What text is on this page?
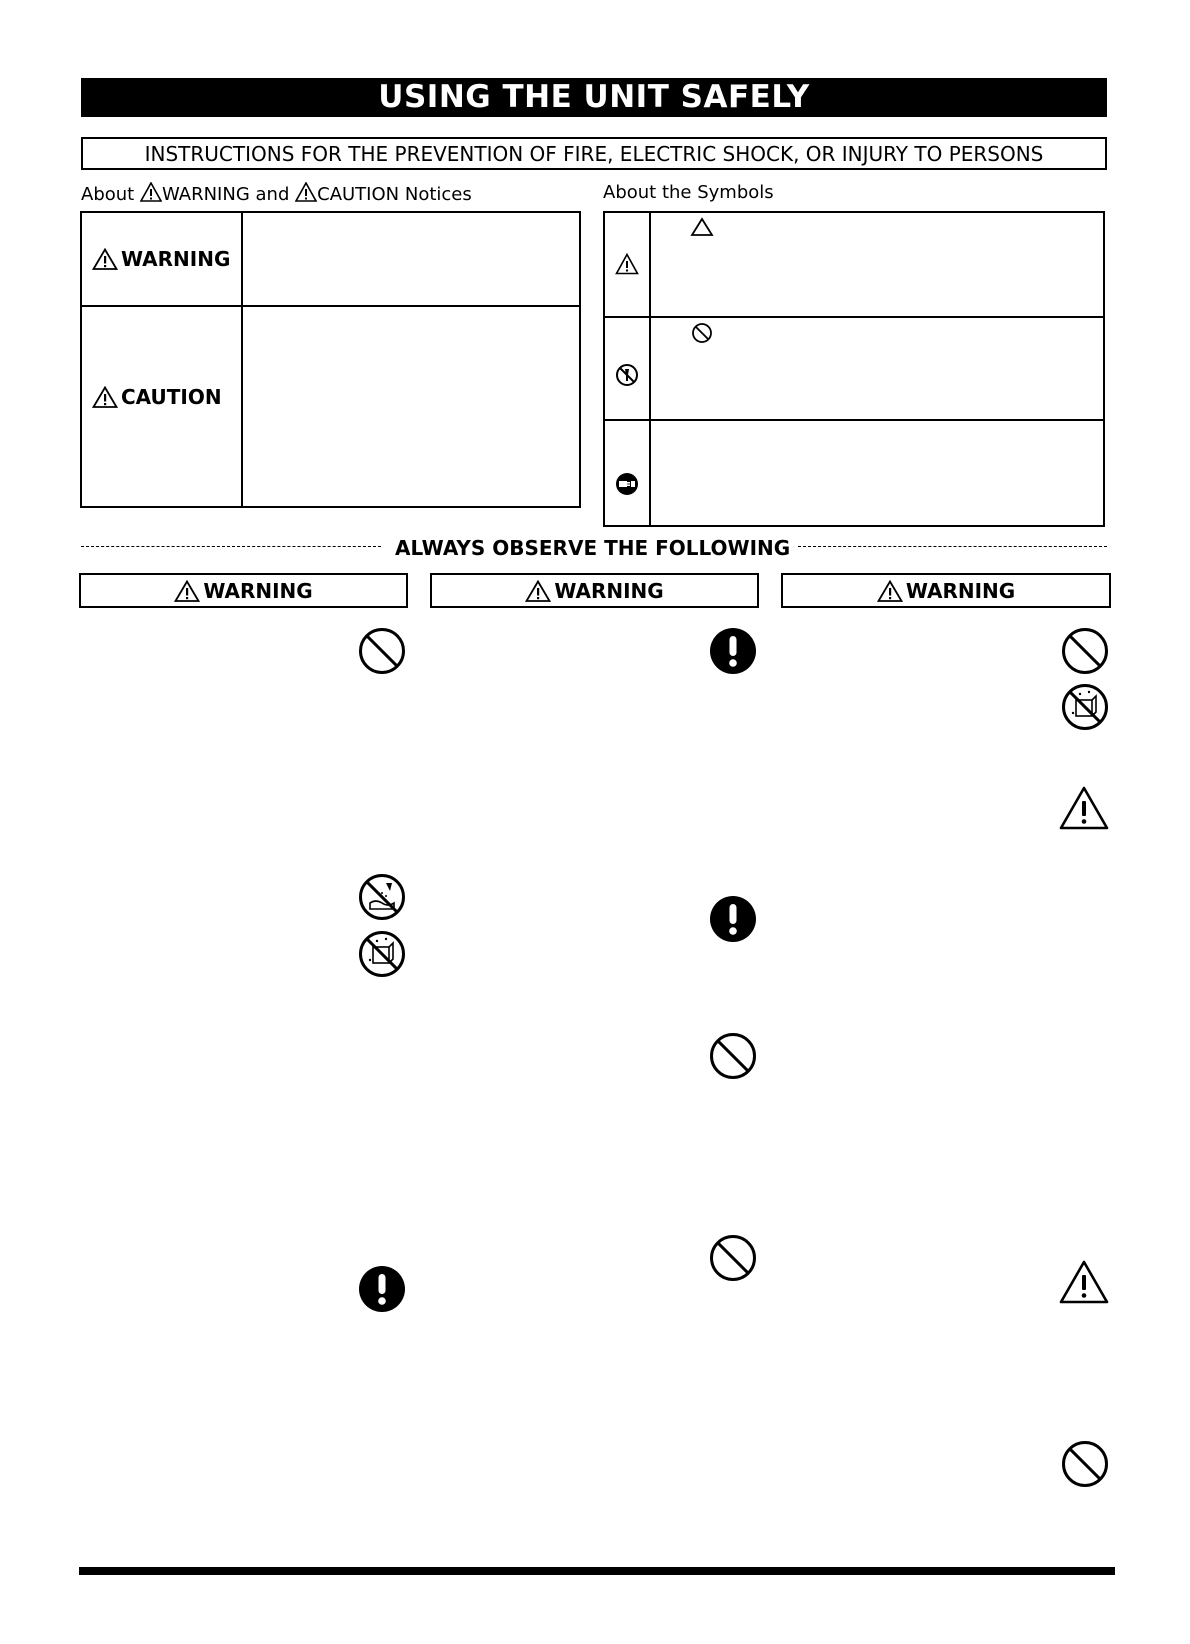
USING THE UNIT SAFELY
INSTRUCTIONS FOR THE PREVENTION OF FIRE, ELECTRIC SHOCK, OR INJURY TO PERSONS
About WARNING and CAUTION Notices	About the Symbols
WARNING
CAUTION
ALWAYS OBSERVE THE FOLLOWING
WARNING	WARNING	WARNING
